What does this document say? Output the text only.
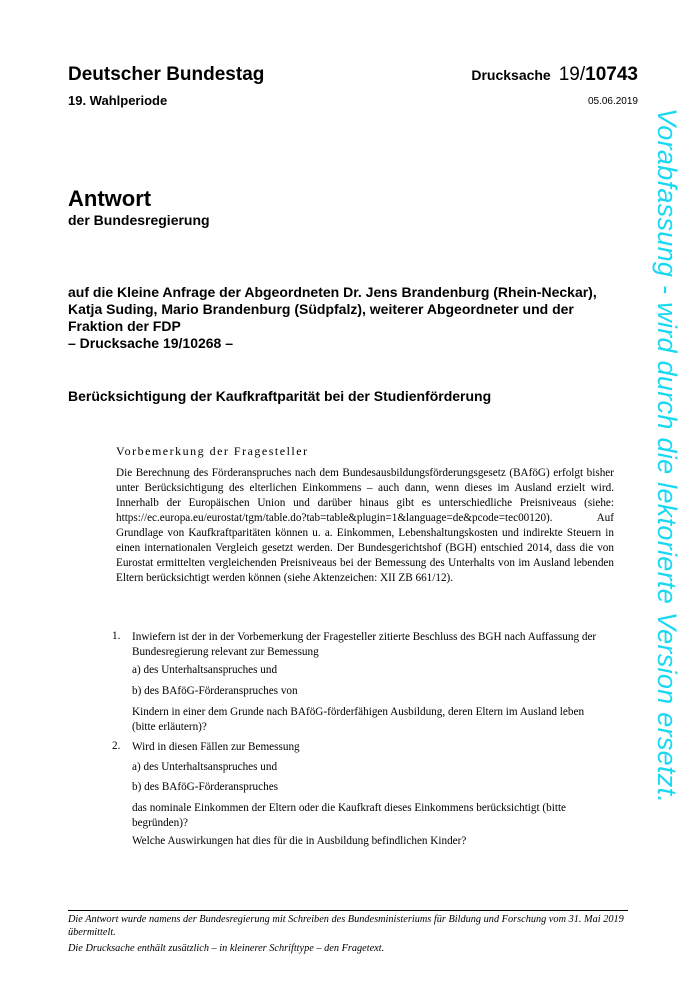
Deutscher Bundestag
19. Wahlperiode
Drucksache 19/10743
05.06.2019
Antwort
der Bundesregierung
auf die Kleine Anfrage der Abgeordneten Dr. Jens Brandenburg (Rhein-Neckar),
Katja Suding, Mario Brandenburg (Südpfalz), weiterer Abgeordneter und der
Fraktion der FDP
– Drucksache 19/10268 –
Berücksichtigung der Kaufkraftparität bei der Studienförderung
Vorbemerkung der Fragesteller
Die Berechnung des Förderanspruches nach dem Bundesausbildungsförderungsgesetz (BAföG) erfolgt bisher unter Berücksichtigung des elterlichen Einkommens – auch dann, wenn dieses im Ausland erzielt wird. Innerhalb der Europäischen Union und darüber hinaus gibt es unterschiedliche Preisniveaus (siehe: https://ec.europa.eu/eurostat/tgm/table.do?tab=table&plugin=1&language=de&pcode=tec00120). Auf Grundlage von Kaufkraftparitäten können u. a. Einkommen, Lebenshaltungskosten und indirekte Steuern in einen internationalen Vergleich gesetzt werden. Der Bundesgerichtshof (BGH) entschied 2014, dass die von Eurostat ermittelten vergleichenden Preisniveaus bei der Bemessung des Unterhalts von im Ausland lebenden Eltern berücksichtigt werden können (siehe Aktenzeichen: XII ZB 661/12).
1. Inwiefern ist der in der Vorbemerkung der Fragesteller zitierte Beschluss des BGH nach Auffassung der Bundesregierung relevant zur Bemessung
a) des Unterhaltsanspruches und
b) des BAföG-Förderanspruches von
Kindern in einer dem Grunde nach BAföG-förderfähigen Ausbildung, deren Eltern im Ausland leben (bitte erläutern)?
2. Wird in diesen Fällen zur Bemessung
a) des Unterhaltsanspruches und
b) des BAföG-Förderanspruches
das nominale Einkommen der Eltern oder die Kaufkraft dieses Einkommens berücksichtigt (bitte begründen)?
Welche Auswirkungen hat dies für die in Ausbildung befindlichen Kinder?
Die Antwort wurde namens der Bundesregierung mit Schreiben des Bundesministeriums für Bildung und Forschung vom 31. Mai 2019 übermittelt.
Die Drucksache enthält zusätzlich – in kleinerer Schrifttype – den Fragetext.
Vorabfassung - wird durch die lektorierte Version ersetzt.
